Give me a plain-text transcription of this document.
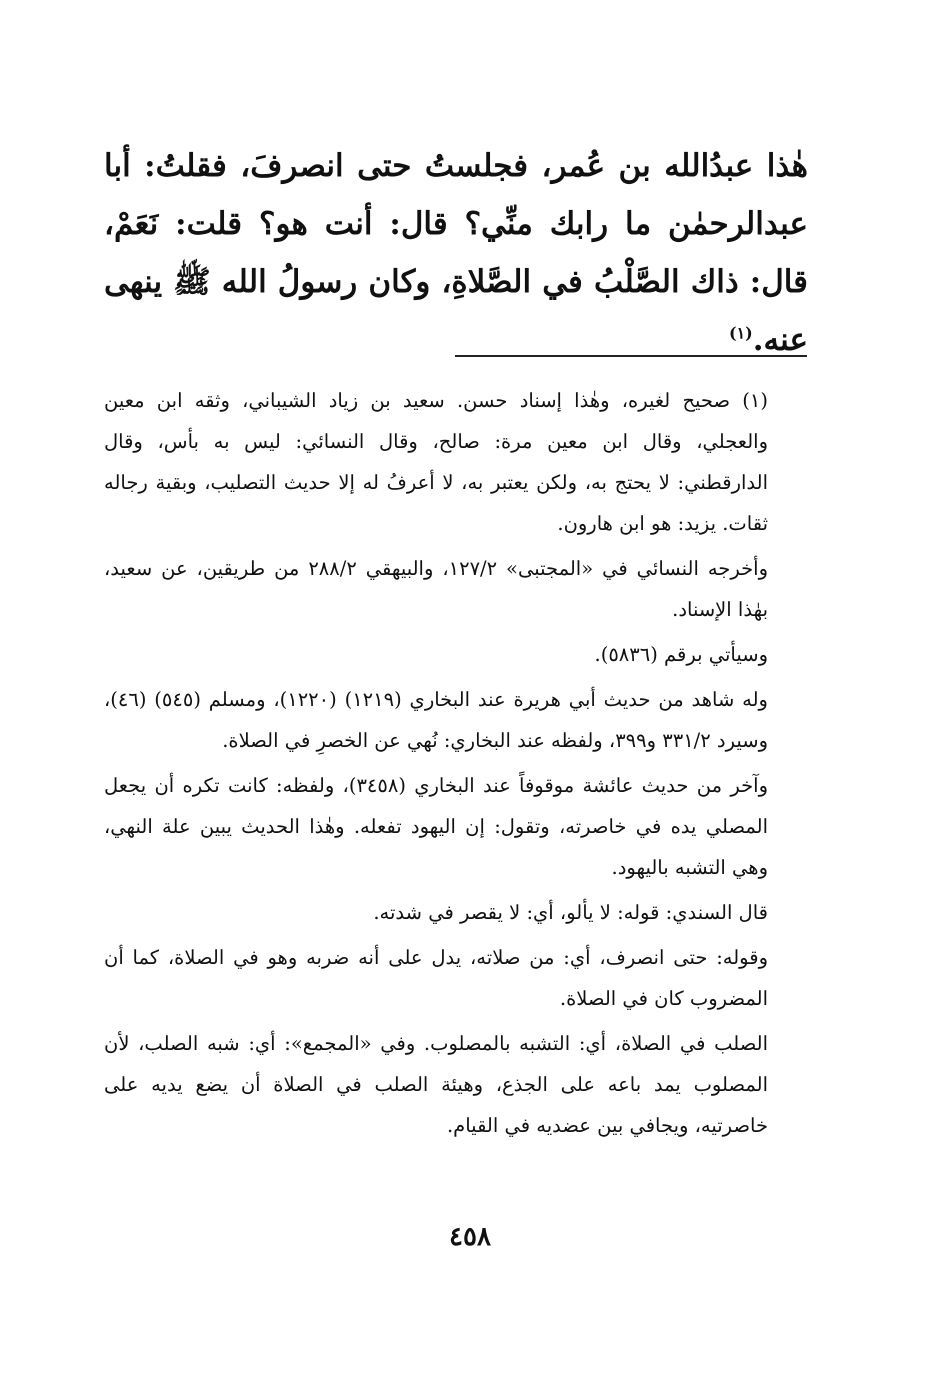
هٰذا عبدُالله بن عُمر، فجلستُ حتى انصرفَ، فقلتُ: أبا عبدالرحمٰن ما رابك منِّي؟ قال: أنت هو؟ قلت: نَعَمْ، قال: ذاك الصَّلْبُ في الصَّلاةِ، وكان رسولُ الله ﷺ ينهى عنه.$^{(١)}$

(١) صحيح لغيره، وهٰذا إسناد حسن. سعيد بن زياد الشيباني، وثقه ابن معين والعجلي، وقال ابن معين مرة: صالح، وقال النسائي: ليس به بأس، وقال الدارقطني: لا يحتج به، ولكن يعتبر به، لا أعرفُ له إلا حديث التصليب، وبقية رجاله ثقات. يزيد: هو ابن هارون.

وأخرجه النسائي في «المجتبى» ١٢٧/٢، والبيهقي ٢٨٨/٢ من طريقين، عن سعيد، بهٰذا الإسناد.

وسيأتي برقم (٥٨٣٦).

وله شاهد من حديث أبي هريرة عند البخاري (١٢١٩) (١٢٢٠)، ومسلم (٥٤٥) (٤٦)، وسيرد ٣٣١/٢ و٣٩٩، ولفظه عند البخاري: نُهي عن الخصرِ في الصلاة.

وآخر من حديث عائشة موقوفاً عند البخاري (٣٤٥٨)، ولفظه: كانت تكره أن يجعل المصلي يده في خاصرته، وتقول: إن اليهود تفعله. وهٰذا الحديث يبين علة النهي، وهي التشبه باليهود.

قال السندي: قوله: لا يألو، أي: لا يقصر في شدته.

وقوله: حتى انصرف، أي: من صلاته، يدل على أنه ضربه وهو في الصلاة، كما أن المضروب كان في الصلاة.

الصلب في الصلاة، أي: التشبه بالمصلوب. وفي «المجمع»: أي: شبه الصلب، لأن المصلوب يمد باعه على الجذع، وهيئة الصلب في الصلاة أن يضع يديه على خاصرتيه، ويجافي بين عضديه في القيام.

٤٥٨
